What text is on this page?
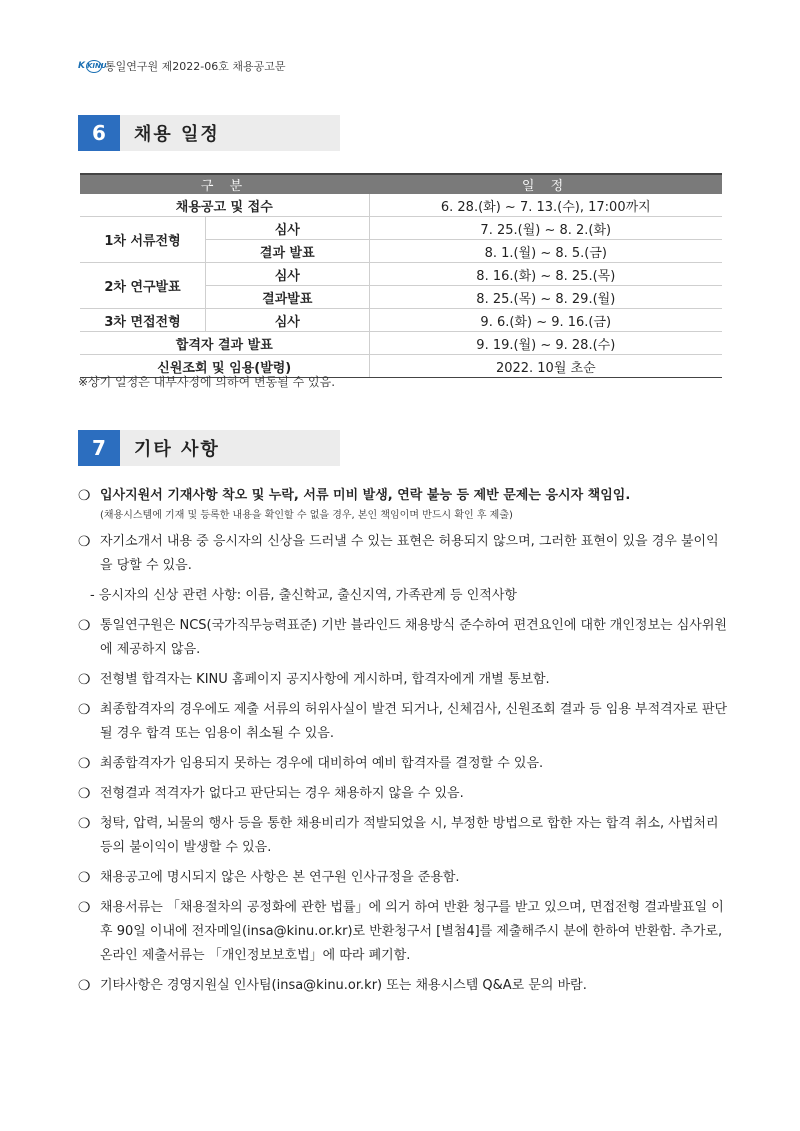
K KINU
통일연구원 제2022-06호 채용공고문
6	채용 일정
구 분		일 정
채용공고 및 접수		6. 28.(화) ~ 7. 13.(수), 17:00까지
1차 서류전형	심사	7. 25.(월) ~ 8. 2.(화)
	결과 발표	8. 1.(월) ~ 8. 5.(금)
2차 연구발표	심사	8. 16.(화) ~ 8. 25.(목)
	결과발표	8. 25.(목) ~ 8. 29.(월)
3차 면접전형	심사	9. 6.(화) ~ 9. 16.(금)
합격자 결과 발표		9. 19.(월) ~ 9. 28.(수)
신원조회 및 임용(발령)		2022. 10월 초순
※상기 일정은 내부사정에 의하여 변동될 수 있음.
7	기타 사항
❍ 입사지원서 기재사항 착오 및 누락, 서류 미비 발생, 연락 불능 등 제반 문제는 응시자 책임임.
(채용시스템에 기재 및 등록한 내용을 확인할 수 없을 경우, 본인 책임이며 반드시 확인 후 제출)
❍ 자기소개서 내용 중 응시자의 신상을 드러낼 수 있는 표현은 허용되지 않으며, 그러한 표현이 있을 경우 불이익을 당할 수 있음.
- 응시자의 신상 관련 사항: 이름, 출신학교, 출신지역, 가족관계 등 인적사항
❍ 통일연구원은 NCS(국가직무능력표준) 기반 블라인드 채용방식 준수하여 편견요인에 대한 개인정보는 심사위원에 제공하지 않음.
❍ 전형별 합격자는 KINU 홈페이지 공지사항에 게시하며, 합격자에게 개별 통보함.
❍ 최종합격자의 경우에도 제출 서류의 허위사실이 발견 되거나, 신체검사, 신원조회 결과 등 임용 부적격자로 판단될 경우 합격 또는 임용이 취소될 수 있음.
❍ 최종합격자가 임용되지 못하는 경우에 대비하여 예비 합격자를 결정할 수 있음.
❍ 전형결과 적격자가 없다고 판단되는 경우 채용하지 않을 수 있음.
❍ 청탁, 압력, 뇌물의 행사 등을 통한 채용비리가 적발되었을 시, 부정한 방법으로 합한 자는 합격 취소, 사법처리 등의 불이익이 발생할 수 있음.
❍ 채용공고에 명시되지 않은 사항은 본 연구원 인사규정을 준용함.
❍ 채용서류는 「채용절차의 공정화에 관한 법률」에 의거 하여 반환 청구를 받고 있으며, 면접전형 결과발표일 이후 90일 이내에 전자메일(insa@kinu.or.kr)로 반환청구서 [별첨4]를 제출해주시 분에 한하여 반환함. 추가로, 온라인 제출서류는 「개인정보보호법」에 따라 폐기함.
❍ 기타사항은 경영지원실 인사팀(insa@kinu.or.kr) 또는 채용시스템 Q&A로 문의 바람.
